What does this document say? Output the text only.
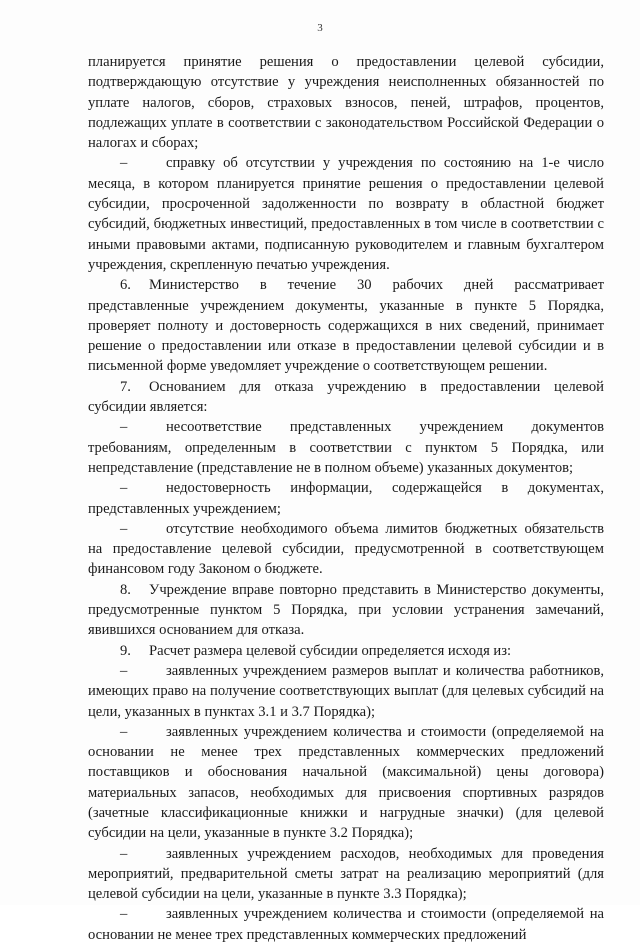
3

планируется принятие решения о предоставлении целевой субсидии, подтверждающую отсутствие у учреждения неисполненных обязанностей по уплате налогов, сборов, страховых взносов, пеней, штрафов, процентов, подлежащих уплате в соответствии с законодательством Российской Федерации о налогах и сборах;

–	справку об отсутствии у учреждения по состоянию на 1-е число месяца, в котором планируется принятие решения о предоставлении целевой субсидии, просроченной задолженности по возврату в областной бюджет субсидий, бюджетных инвестиций, предоставленных в том числе в соответствии с иными правовыми актами, подписанную руководителем и главным бухгалтером учреждения, скрепленную печатью учреждения.

6. Министерство в течение 30 рабочих дней рассматривает представленные учреждением документы, указанные в пункте 5 Порядка, проверяет полноту и достоверность содержащихся в них сведений, принимает решение о предоставлении или отказе в предоставлении целевой субсидии и в письменной форме уведомляет учреждение о соответствующем решении.

7. Основанием для отказа учреждению в предоставлении целевой субсидии является:

–	несоответствие представленных учреждением документов требованиям, определенным в соответствии с пунктом 5 Порядка, или непредставление (представление не в полном объеме) указанных документов;

–	недостоверность информации, содержащейся в документах, представленных учреждением;

–	отсутствие необходимого объема лимитов бюджетных обязательств на предоставление целевой субсидии, предусмотренной в соответствующем финансовом году Законом о бюджете.

8. Учреждение вправе повторно представить в Министерство документы, предусмотренные пунктом 5 Порядка, при условии устранения замечаний, явившихся основанием для отказа.

9. Расчет размера целевой субсидии определяется исходя из:

–	заявленных учреждением размеров выплат и количества работников, имеющих право на получение соответствующих выплат (для целевых субсидий на цели, указанных в пунктах 3.1 и 3.7 Порядка);

–	заявленных учреждением количества и стоимости (определяемой на основании не менее трех представленных коммерческих предложений поставщиков и обоснования начальной (максимальной) цены договора) материальных запасов, необходимых для присвоения спортивных разрядов (зачетные классификационные книжки и нагрудные значки) (для целевой субсидии на цели, указанные в пункте 3.2 Порядка);

–	заявленных учреждением расходов, необходимых для проведения мероприятий, предварительной сметы затрат на реализацию мероприятий (для целевой субсидии на цели, указанные в пункте 3.3 Порядка);

–	заявленных учреждением количества и стоимости (определяемой на основании не менее трех представленных коммерческих предложений
